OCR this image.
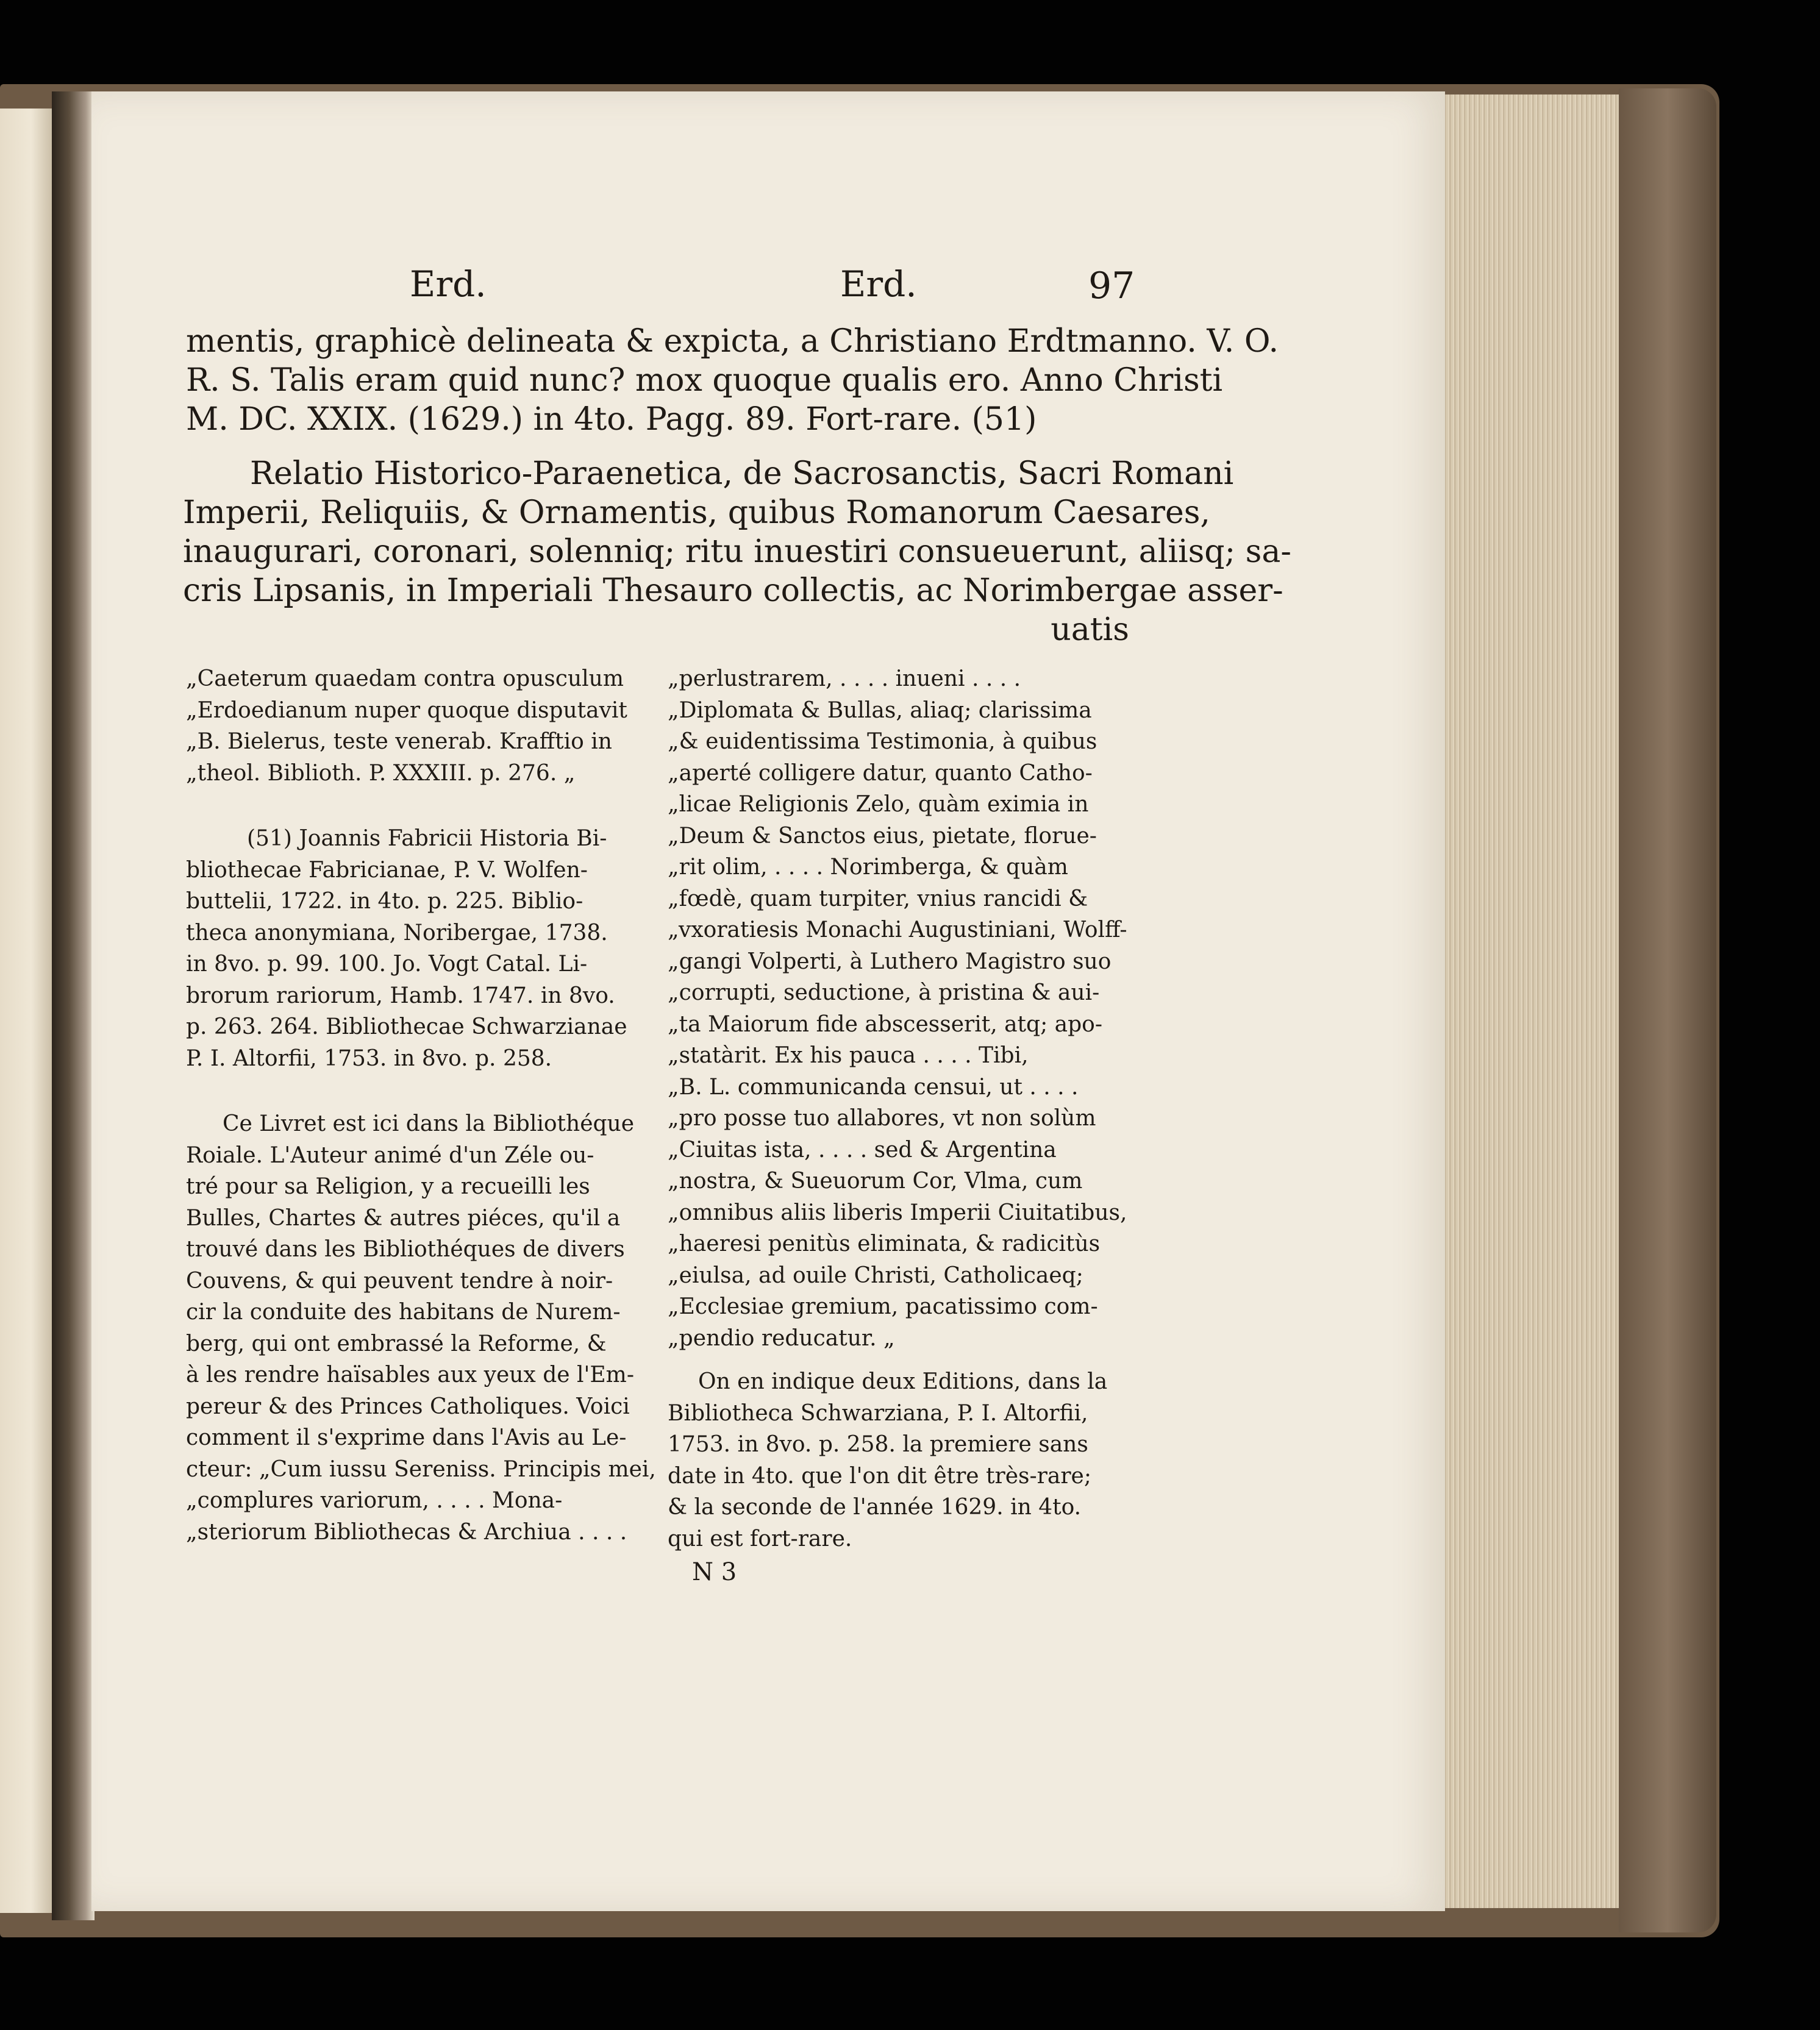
Erd.	Erd.	97
mentis, graphicè delineata & expicta, a Christiano Erdtmanno. V. O.
R. S. Talis eram quid nunc? mox quoque qualis ero. Anno Christi
M. DC. XXIX. (1629.) in 4to. Pagg. 89. Fort-rare. (51)
Relatio Historico-Paraenetica, de Sacrosanctis, Sacri Romani
Imperii, Reliquiis, & Ornamentis, quibus Romanorum Caesares,
inaugurari, coronari, solenniq; ritu inuestiri consueuerunt, aliisq; sa-
cris Lipsanis, in Imperiali Thesauro collectis, ac Norimbergae asser-
uatis
„Caeterum quaedam contra opusculum
„Erdoedianum nuper quoque disputavit
„B. Bielerus, teste venerab. Krafftio in
„theol. Biblioth. P. XXXIII. p. 276. „
(51) Joannis Fabricii Historia Bi-
bliothecae Fabricianae, P. V. Wolfen-
buttelii, 1722. in 4to. p. 225. Biblio-
theca anonymiana, Noribergae, 1738.
in 8vo. p. 99. 100. Jo. Vogt Catal. Li-
brorum rariorum, Hamb. 1747. in 8vo.
p. 263. 264. Bibliothecae Schwarzianae
P. I. Altorfii, 1753. in 8vo. p. 258.
Ce Livret est ici dans la Bibliothéque
Roiale. L'Auteur animé d'un Zéle ou-
tré pour sa Religion, y a recueilli les
Bulles, Chartes & autres piéces, qu'il a
trouvé dans les Bibliothéques de divers
Couvens, & qui peuvent tendre à noir-
cir la conduite des habitans de Nurem-
berg, qui ont embrassé la Reforme, &
à les rendre haïsables aux yeux de l'Em-
pereur & des Princes Catholiques. Voici
comment il s'exprime dans l'Avis au Le-
cteur: „Cum iussu Sereniss. Principis mei,
„complures variorum, . . . . Mona-
„steriorum Bibliothecas & Archiua . . . .
„perlustrarem, . . . . inueni . . . .
„Diplomata & Bullas, aliaq; clarissima
„& euidentissima Testimonia, à quibus
„aperté colligere datur, quanto Catho-
„licae Religionis Zelo, quàm eximia in
„Deum & Sanctos eius, pietate, floruе-
„rit olim, . . . . Norimberga, & quàm
„fœdè, quam turpiter, vnius rancidi &
„vxoratiesis Monachi Augustiniani, Wolff-
„gangi Volperti, à Luthero Magistro suo
„corrupti, seductione, à pristina & aui-
„ta Maiorum fide abscesserit, atq; apo-
„statàrit. Ex his pauca . . . . Tibi,
„B. L. communicanda censui, ut . . . .
„pro posse tuo allabores, vt non solùm
„Ciuitas ista, . . . . sed & Argentina
„nostra, & Sueuorum Cor, Vlma, cum
„omnibus aliis liberis Imperii Ciuitatibus,
„haeresi penitùs eliminata, & radicitùs
„eiulsa, ad ouile Christi, Catholicaeq;
„Ecclesiae gremium, pacatissimo com-
„pendio reducatur. „
On en indique deux Editions, dans la
Bibliotheca Schwarziana, P. I. Altorfii,
1753. in 8vo. p. 258. la premiere sans
date in 4to. que l'on dit être très-rare;
& la seconde de l'année 1629. in 4to.
qui est fort-rare.
N 3
